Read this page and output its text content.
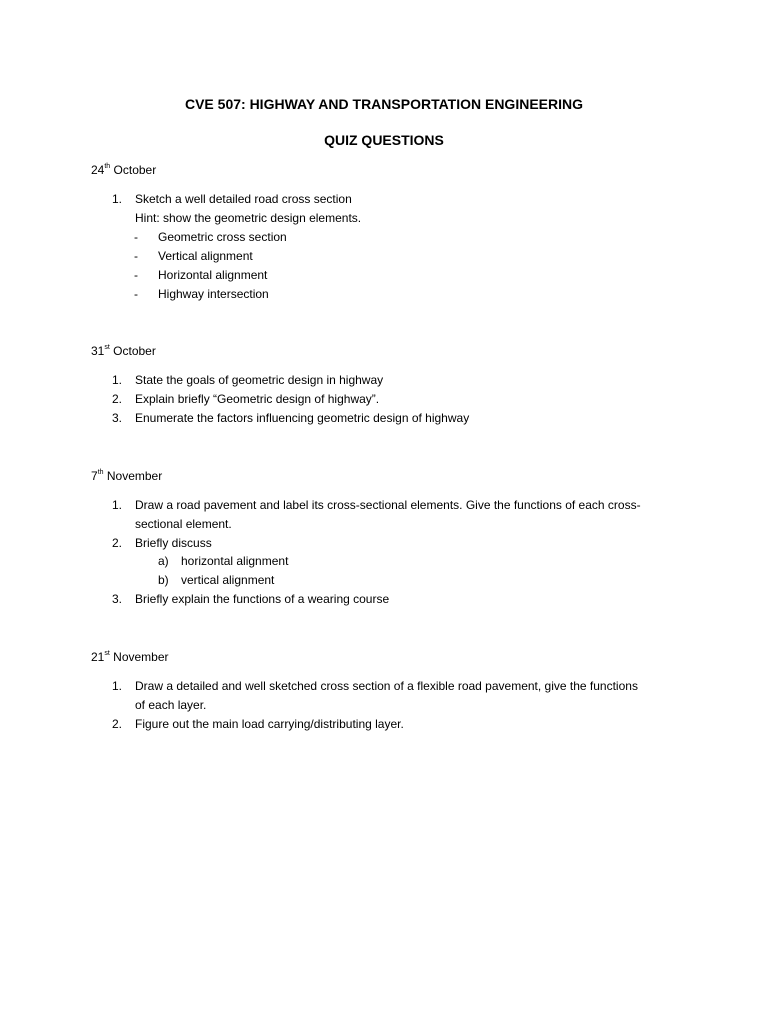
CVE 507: HIGHWAY AND TRANSPORTATION ENGINEERING
QUIZ QUESTIONS
24th October
1. Sketch a well detailed road cross section
Hint: show the geometric design elements.
- Geometric cross section
- Vertical alignment
- Horizontal alignment
- Highway intersection
31st October
1. State the goals of geometric design in highway
2. Explain briefly “Geometric design of highway”.
3. Enumerate the factors influencing geometric design of highway
7th November
1. Draw a road pavement and label its cross-sectional elements. Give the functions of each cross-
sectional element.
2. Briefly discuss
a) horizontal alignment
b) vertical alignment
3. Briefly explain the functions of a wearing course
21st November
1. Draw a detailed and well sketched cross section of a flexible road pavement, give the functions
of each layer.
2. Figure out the main load carrying/distributing layer.
